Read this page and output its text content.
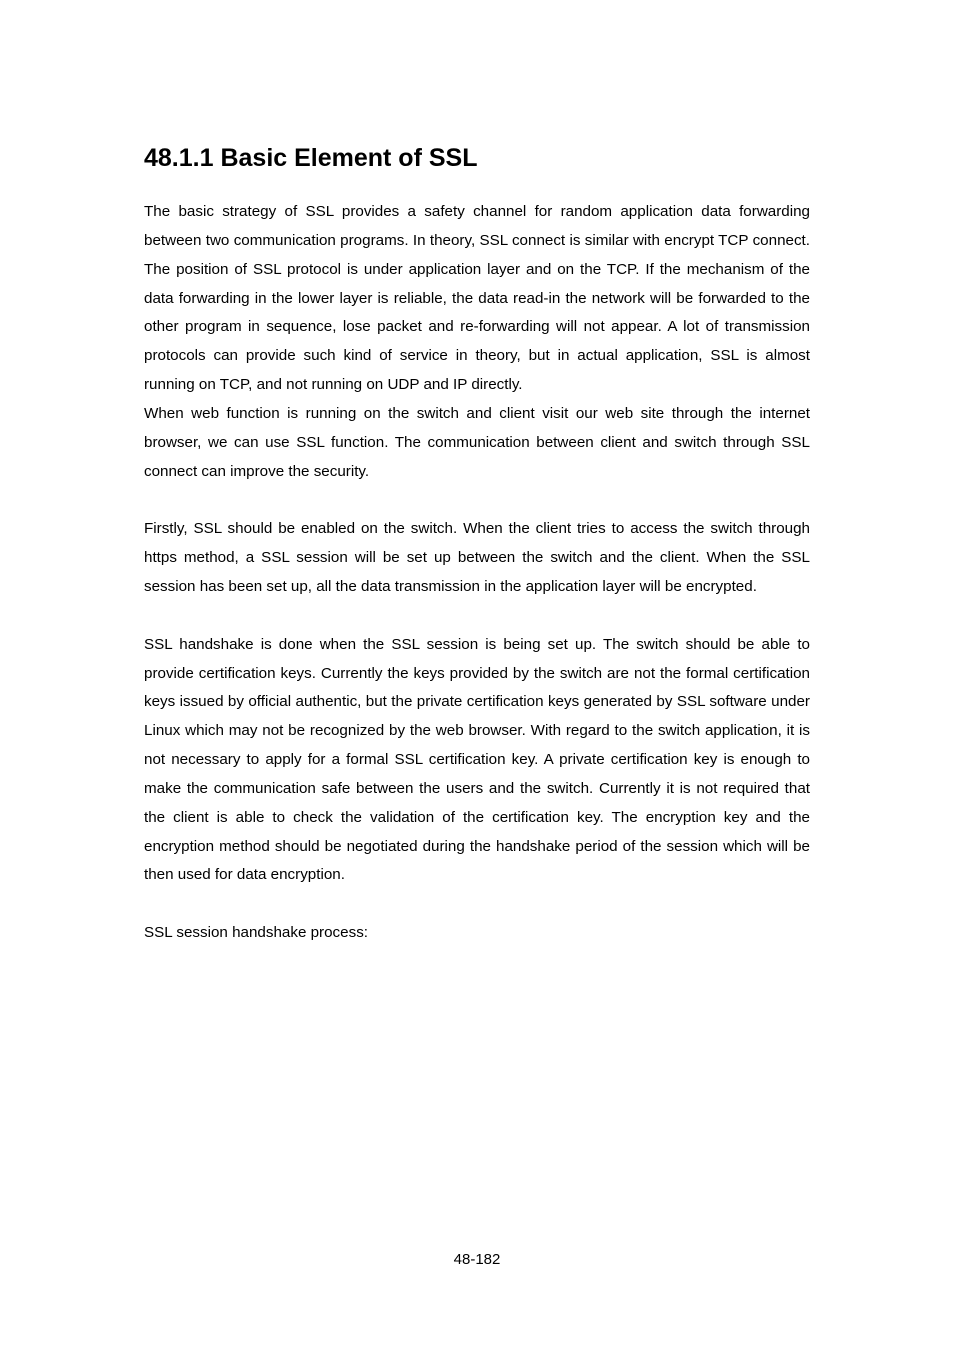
48.1.1 Basic Element of SSL

The basic strategy of SSL provides a safety channel for random application data forwarding between two communication programs. In theory, SSL connect is similar with encrypt TCP connect. The position of SSL protocol is under application layer and on the TCP. If the mechanism of the data forwarding in the lower layer is reliable, the data read-in the network will be forwarded to the other program in sequence, lose packet and re-forwarding will not appear. A lot of transmission protocols can provide such kind of service in theory, but in actual application, SSL is almost running on TCP, and not running on UDP and IP directly.

When web function is running on the switch and client visit our web site through the internet browser, we can use SSL function. The communication between client and switch through SSL connect can improve the security.

Firstly, SSL should be enabled on the switch. When the client tries to access the switch through https method, a SSL session will be set up between the switch and the client. When the SSL session has been set up, all the data transmission in the application layer will be encrypted.

SSL handshake is done when the SSL session is being set up. The switch should be able to provide certification keys. Currently the keys provided by the switch are not the formal certification keys issued by official authentic, but the private certification keys generated by SSL software under Linux which may not be recognized by the web browser. With regard to the switch application, it is not necessary to apply for a formal SSL certification key. A private certification key is enough to make the communication safe between the users and the switch. Currently it is not required that the client is able to check the validation of the certification key. The encryption key and the encryption method should be negotiated during the handshake period of the session which will be then used for data encryption.

SSL session handshake process:

48-182
